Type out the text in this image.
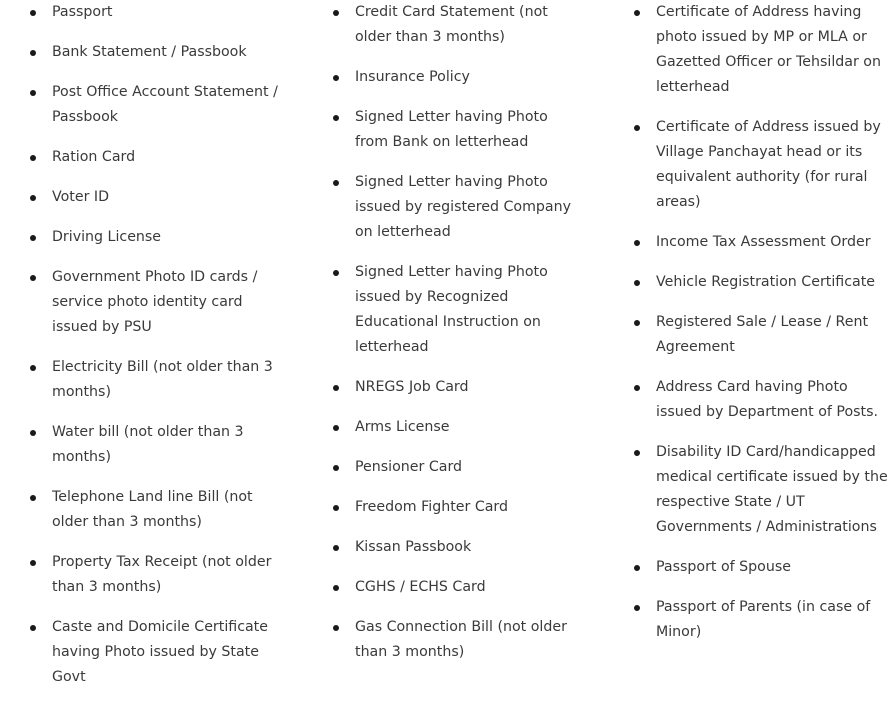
Passport
Bank Statement / Passbook
Post Office Account Statement / Passbook
Ration Card
Voter ID
Driving License
Government Photo ID cards / service photo identity card issued by PSU
Electricity Bill (not older than 3 months)
Water bill (not older than 3 months)
Telephone Land line Bill (not older than 3 months)
Property Tax Receipt (not older than 3 months)
Caste and Domicile Certificate having Photo issued by State Govt
Credit Card Statement (not older than 3 months)
Insurance Policy
Signed Letter having Photo from Bank on letterhead
Signed Letter having Photo issued by registered Company on letterhead
Signed Letter having Photo issued by Recognized Educational Instruction on letterhead
NREGS Job Card
Arms License
Pensioner Card
Freedom Fighter Card
Kissan Passbook
CGHS / ECHS Card
Gas Connection Bill (not older than 3 months)
Certificate of Address having photo issued by MP or MLA or Gazetted Officer or Tehsildar on letterhead
Certificate of Address issued by Village Panchayat head or its equivalent authority (for rural areas)
Income Tax Assessment Order
Vehicle Registration Certificate
Registered Sale / Lease / Rent Agreement
Address Card having Photo issued by Department of Posts.
Disability ID Card/handicapped medical certificate issued by the respective State / UT Governments / Administrations
Passport of Spouse
Passport of Parents (in case of Minor)
